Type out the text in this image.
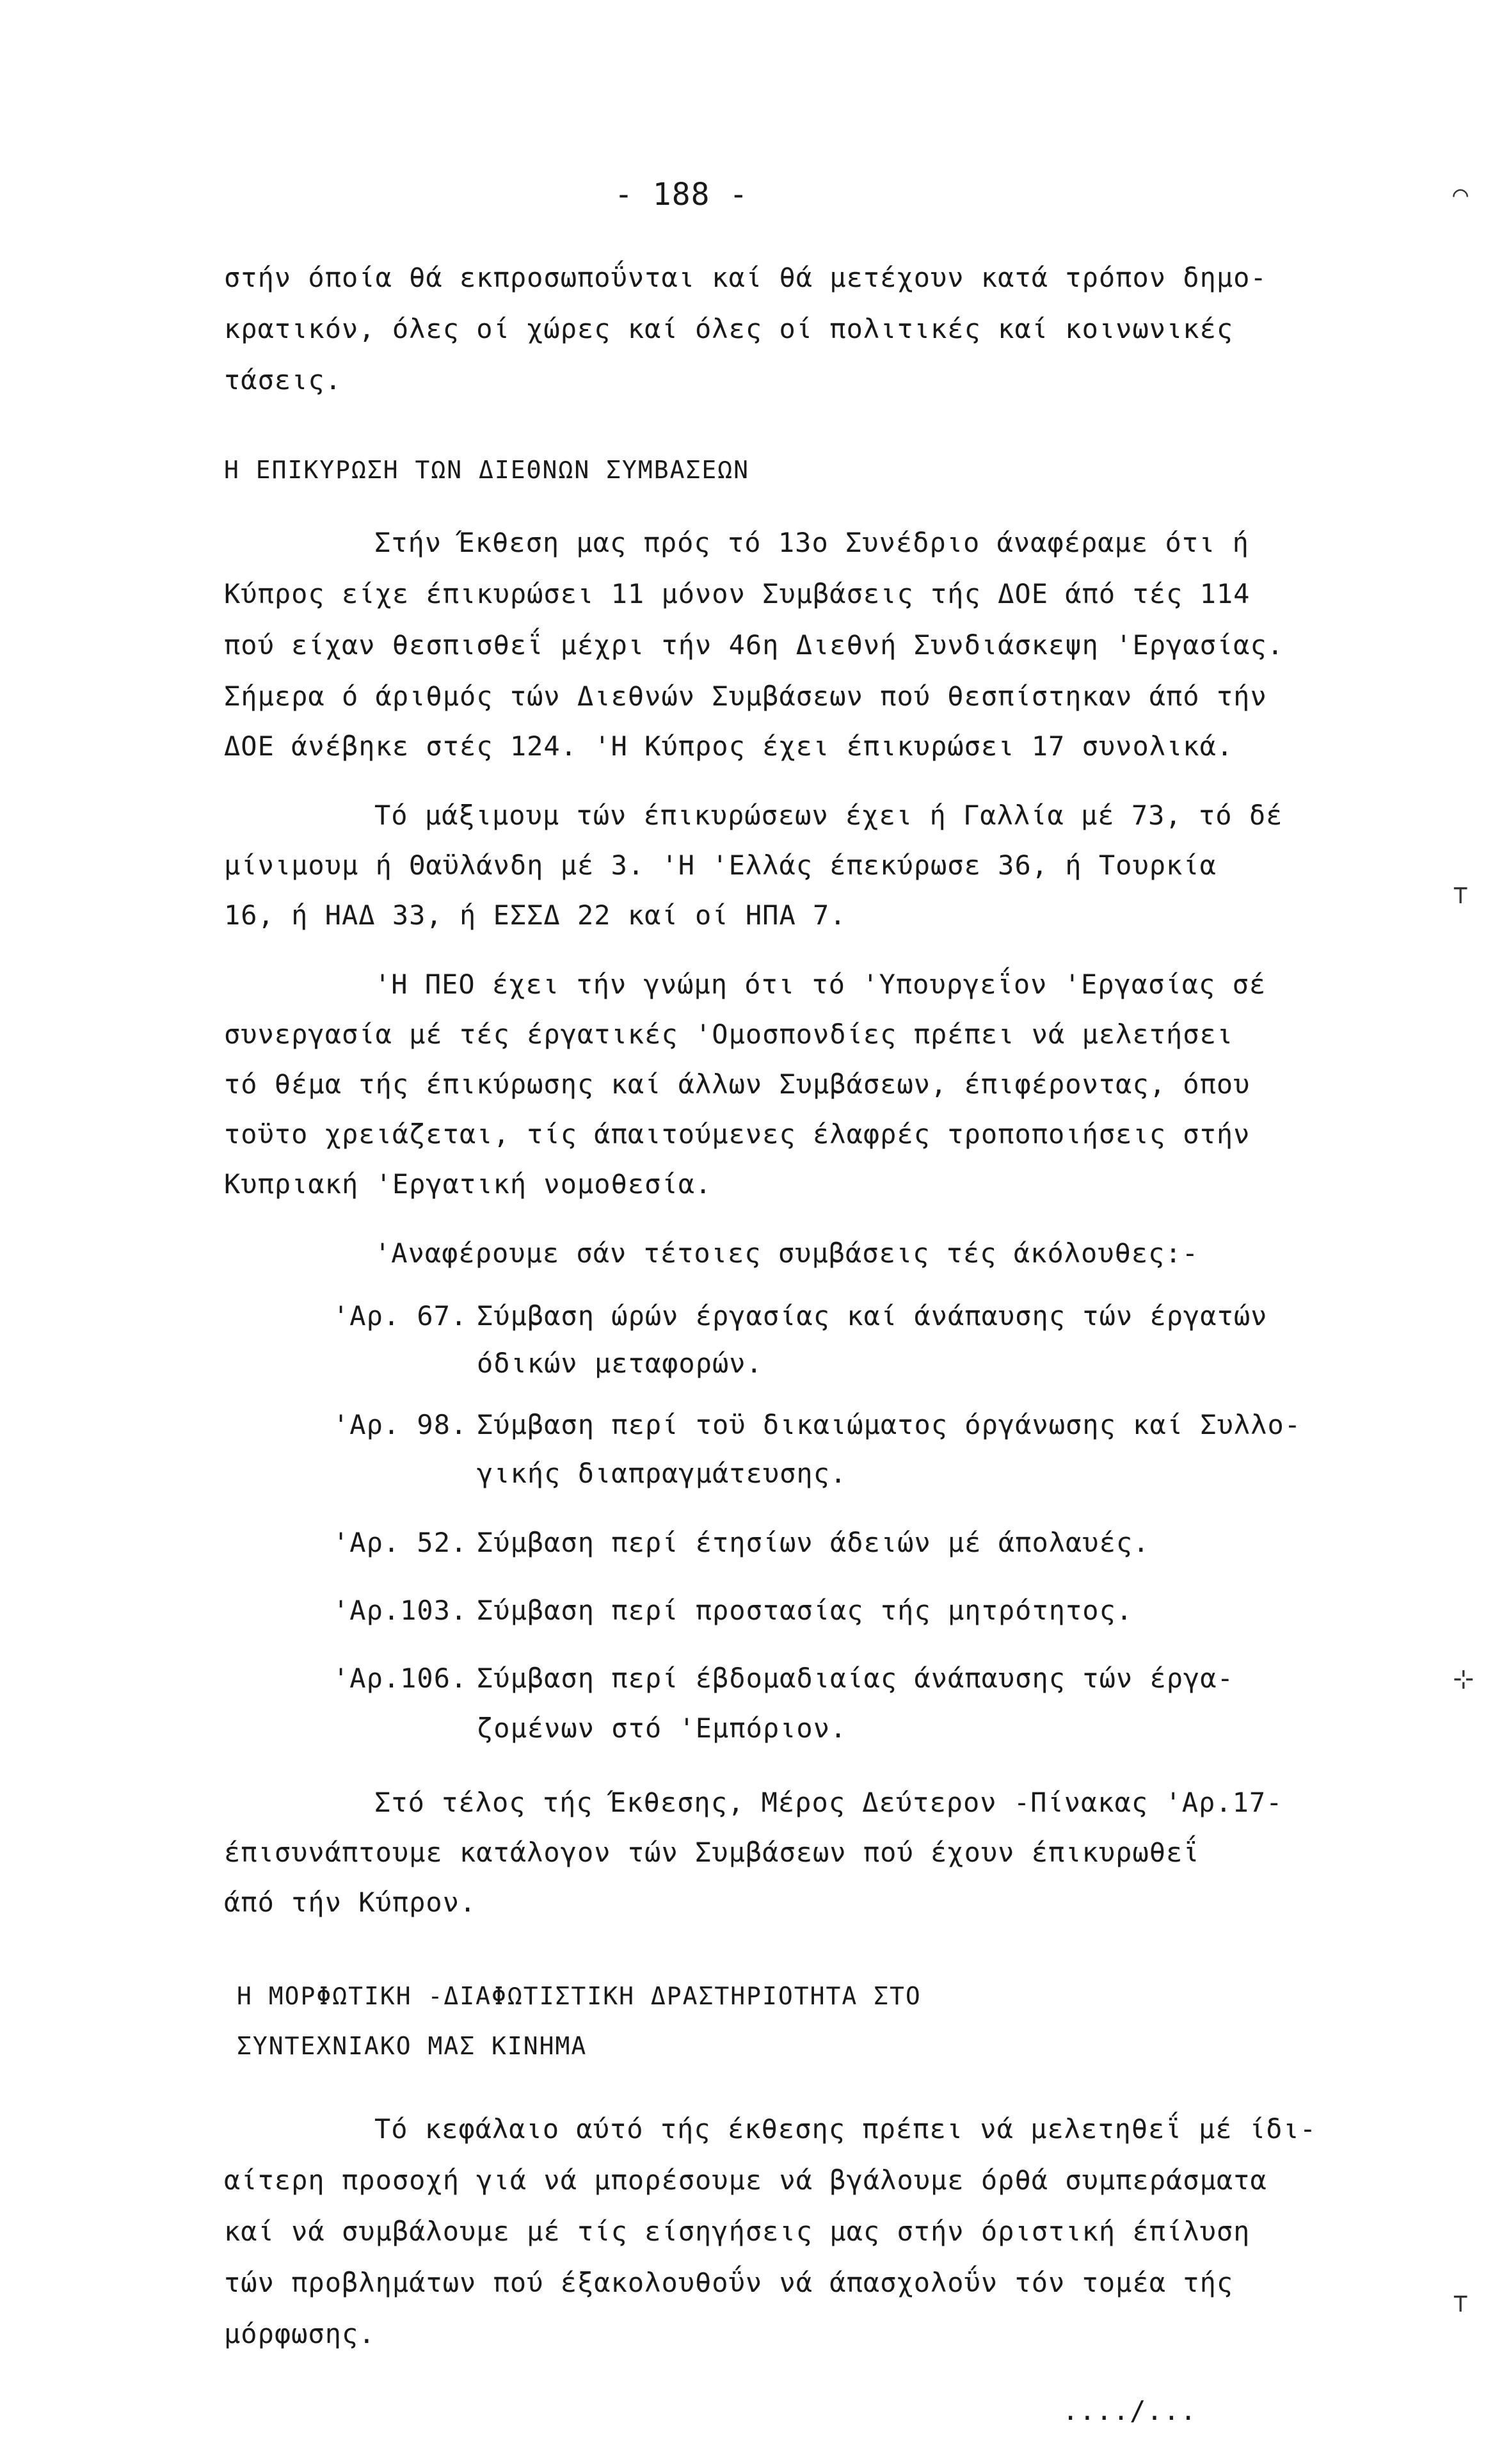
- 188 -
στήν όποία θά εκπροσωποΰνται καί θά μετέχουν κατά τρόπον δημο-
κρατικόν, όλες οί χώρες καί όλες οί πολιτικές καί κοινωνικές
τάσεις.
Η ΕΠΙΚΥΡΩΣΗ ΤΩΝ ΔΙΕΘΝΩΝ ΣΥΜΒΑΣΕΩΝ
Στήν Έκθεση μας πρός τό 13ο Συνέδριο άναφέραμε ότι ή
Κύπρος είχε έπικυρώσει 11 μόνον Συμβάσεις τής ΔΟΕ άπό τές 114
πού είχαν θεσπισθεΐ μέχρι τήν 46η Διεθνή Συνδιάσκεψη 'Εργασίας.
Σήμερα ό άριθμός τών Διεθνών Συμβάσεων πού θεσπίστηκαν άπό τήν
ΔΟΕ άνέβηκε στές 124. 'Η Κύπρος έχει έπικυρώσει 17 συνολικά.
Τό μάξιμουμ τών έπικυρώσεων έχει ή Γαλλία μέ 73, τό δέ
μίνιμουμ ή Θαϋλάνδη μέ 3. 'Η 'Ελλάς έπεκύρωσε 36, ή Τουρκία
16, ή ΗΑΔ 33, ή ΕΣΣΔ 22 καί οί ΗΠΑ 7.
'Η ΠΕΟ έχει τήν γνώμη ότι τό 'Υπουργεΐον 'Εργασίας σέ
συνεργασία μέ τές έργατικές 'Ομοσπονδίες πρέπει νά μελετήσει
τό θέμα τής έπικύρωσης καί άλλων Συμβάσεων, έπιφέροντας, όπου
τοϋτο χρειάζεται, τίς άπαιτούμενες έλαφρές τροποποιήσεις στήν
Κυπριακή 'Εργατική νομοθεσία.
'Αναφέρουμε σάν τέτοιες συμβάσεις τές άκόλουθες:-
'Αρ. 67. Σύμβαση ώρών έργασίας καί άνάπαυσης τών έργατών
όδικών μεταφορών.
'Αρ. 98. Σύμβαση περί τοϋ δικαιώματος όργάνωσης καί Συλλο-
γικής διαπραγμάτευσης.
'Αρ. 52. Σύμβαση περί έτησίων άδειών μέ άπολαυές.
'Αρ.103. Σύμβαση περί προστασίας τής μητρότητος.
'Αρ.106. Σύμβαση περί έβδομαδιαίας άνάπαυσης τών έργα-
ζομένων στό 'Εμπόριον.
Στό τέλος τής Έκθεσης, Μέρος Δεύτερον -Πίνακας 'Αρ.17-
έπισυνάπτουμε κατάλογον τών Συμβάσεων πού έχουν έπικυρωθεΐ
άπό τήν Κύπρον.
Η ΜΟΡΦΩΤΙΚΗ -ΔΙΑΦΩΤΙΣΤΙΚΗ ΔΡΑΣΤΗΡΙΟΤΗΤΑ ΣΤΟ
ΣΥΝΤΕΧΝΙΑΚΟ ΜΑΣ ΚΙΝΗΜΑ
Τό κεφάλαιο αύτό τής έκθεσης πρέπει νά μελετηθεΐ μέ ίδι-
αίτερη προσοχή γιά νά μπορέσουμε νά βγάλουμε όρθά συμπεράσματα
καί νά συμβάλουμε μέ τίς είσηγήσεις μας στήν όριστική έπίλυση
τών προβλημάτων πού έξακολουθοΰν νά άπασχολοΰν τόν τομέα τής
μόρφωσης.
..../...
⌒
⊤
⊹
⊤
